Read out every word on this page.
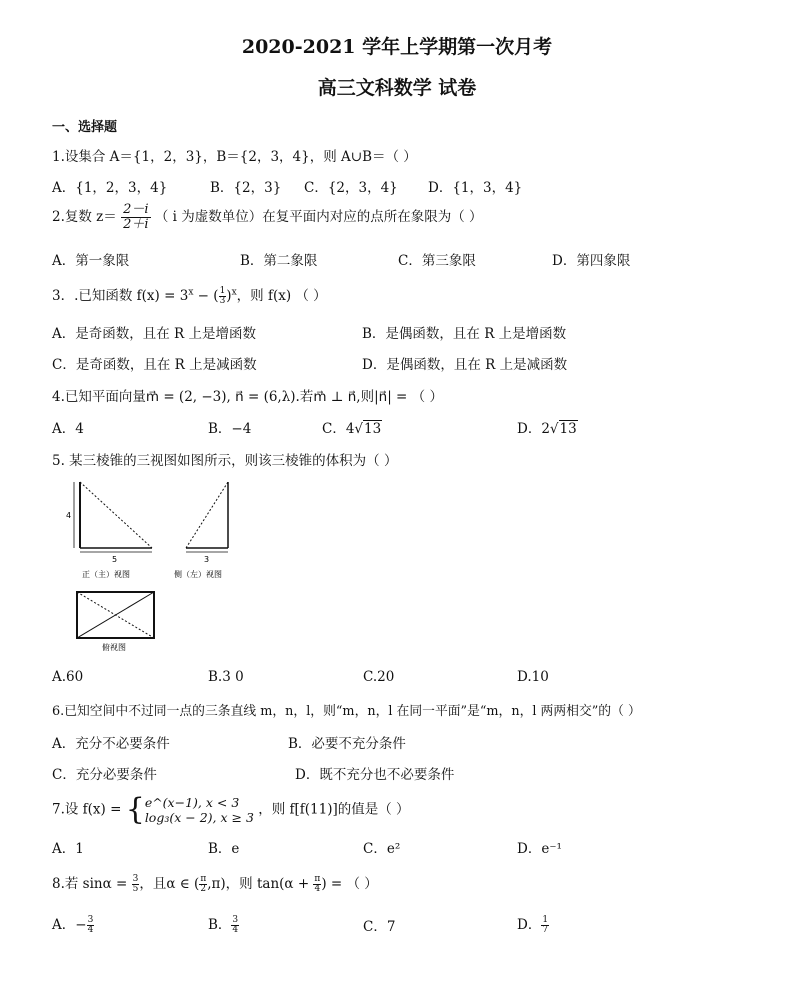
2020-2021 学年上学期第一次月考
高三文科数学 试卷
一、选择题
1.设集合 A＝{1，2，3}，B＝{2，3，4}，则 A∪B＝（ ）
A．{1，2，3，4}	B．{2，3} C．{2，3，4} D．{1，3，4}
2.复数 $z= \frac{2-i}{2+i}$ （ i 为虚数单位）在复平面内对应的点所在象限为（ ）
A．第一象限	B．第二象限	C．第三象限	D．第四象限
3．.已知函数 $f(x) = 3^x$ − ( $\frac{1}{3} )^x$，则 f(x) （ ）
A．是奇函数，且在 R 上是增函数	B．是偶函数，且在 R 上是增函数
C．是奇函数，且在 R 上是减函数	D．是偶函数，且在 R 上是减函数
4.已知平面向量m⃗ = (2, −3), n⃗ = (6,λ).若m⃗ ⊥ n⃗,则|n⃗| = （ ）
A．4	B．−4	C．4√13	D．2√13
5. 某三棱锥的三视图如图所示，则该三棱锥的体积为（ ）
4
5	3
正（主）视图	侧（左）视图
俯视图
A.60	B.3 0	C.20	D.10
6.已知空间中不过同一点的三条直线 m，n，l，则“m，n，l 在同一平面”是“m，n，l 两两相交”的（ ）
A．充分不必要条件	B．必要不充分条件
C．充分必要条件	D．既不充分也不必要条件
7.设 f(x) = { e^(x−1), x < 3
log₃(x − 2), x ≥ 3 ，则 f[f(11)]的值是（ ）
A．1	B．e	C．e²	D．e⁻¹
8.若 $\sin\alpha = \frac{3}{5}$ ，且α ∈ ( $\frac{\pi}{2} ,\pi$)，则 $\tan(\alpha + \frac{\pi}{4}$ ) = （ ）
A．− $\frac{3}{4}$	B． $\frac{3}{4}$	C．7	D． $\frac{1}{7}$
